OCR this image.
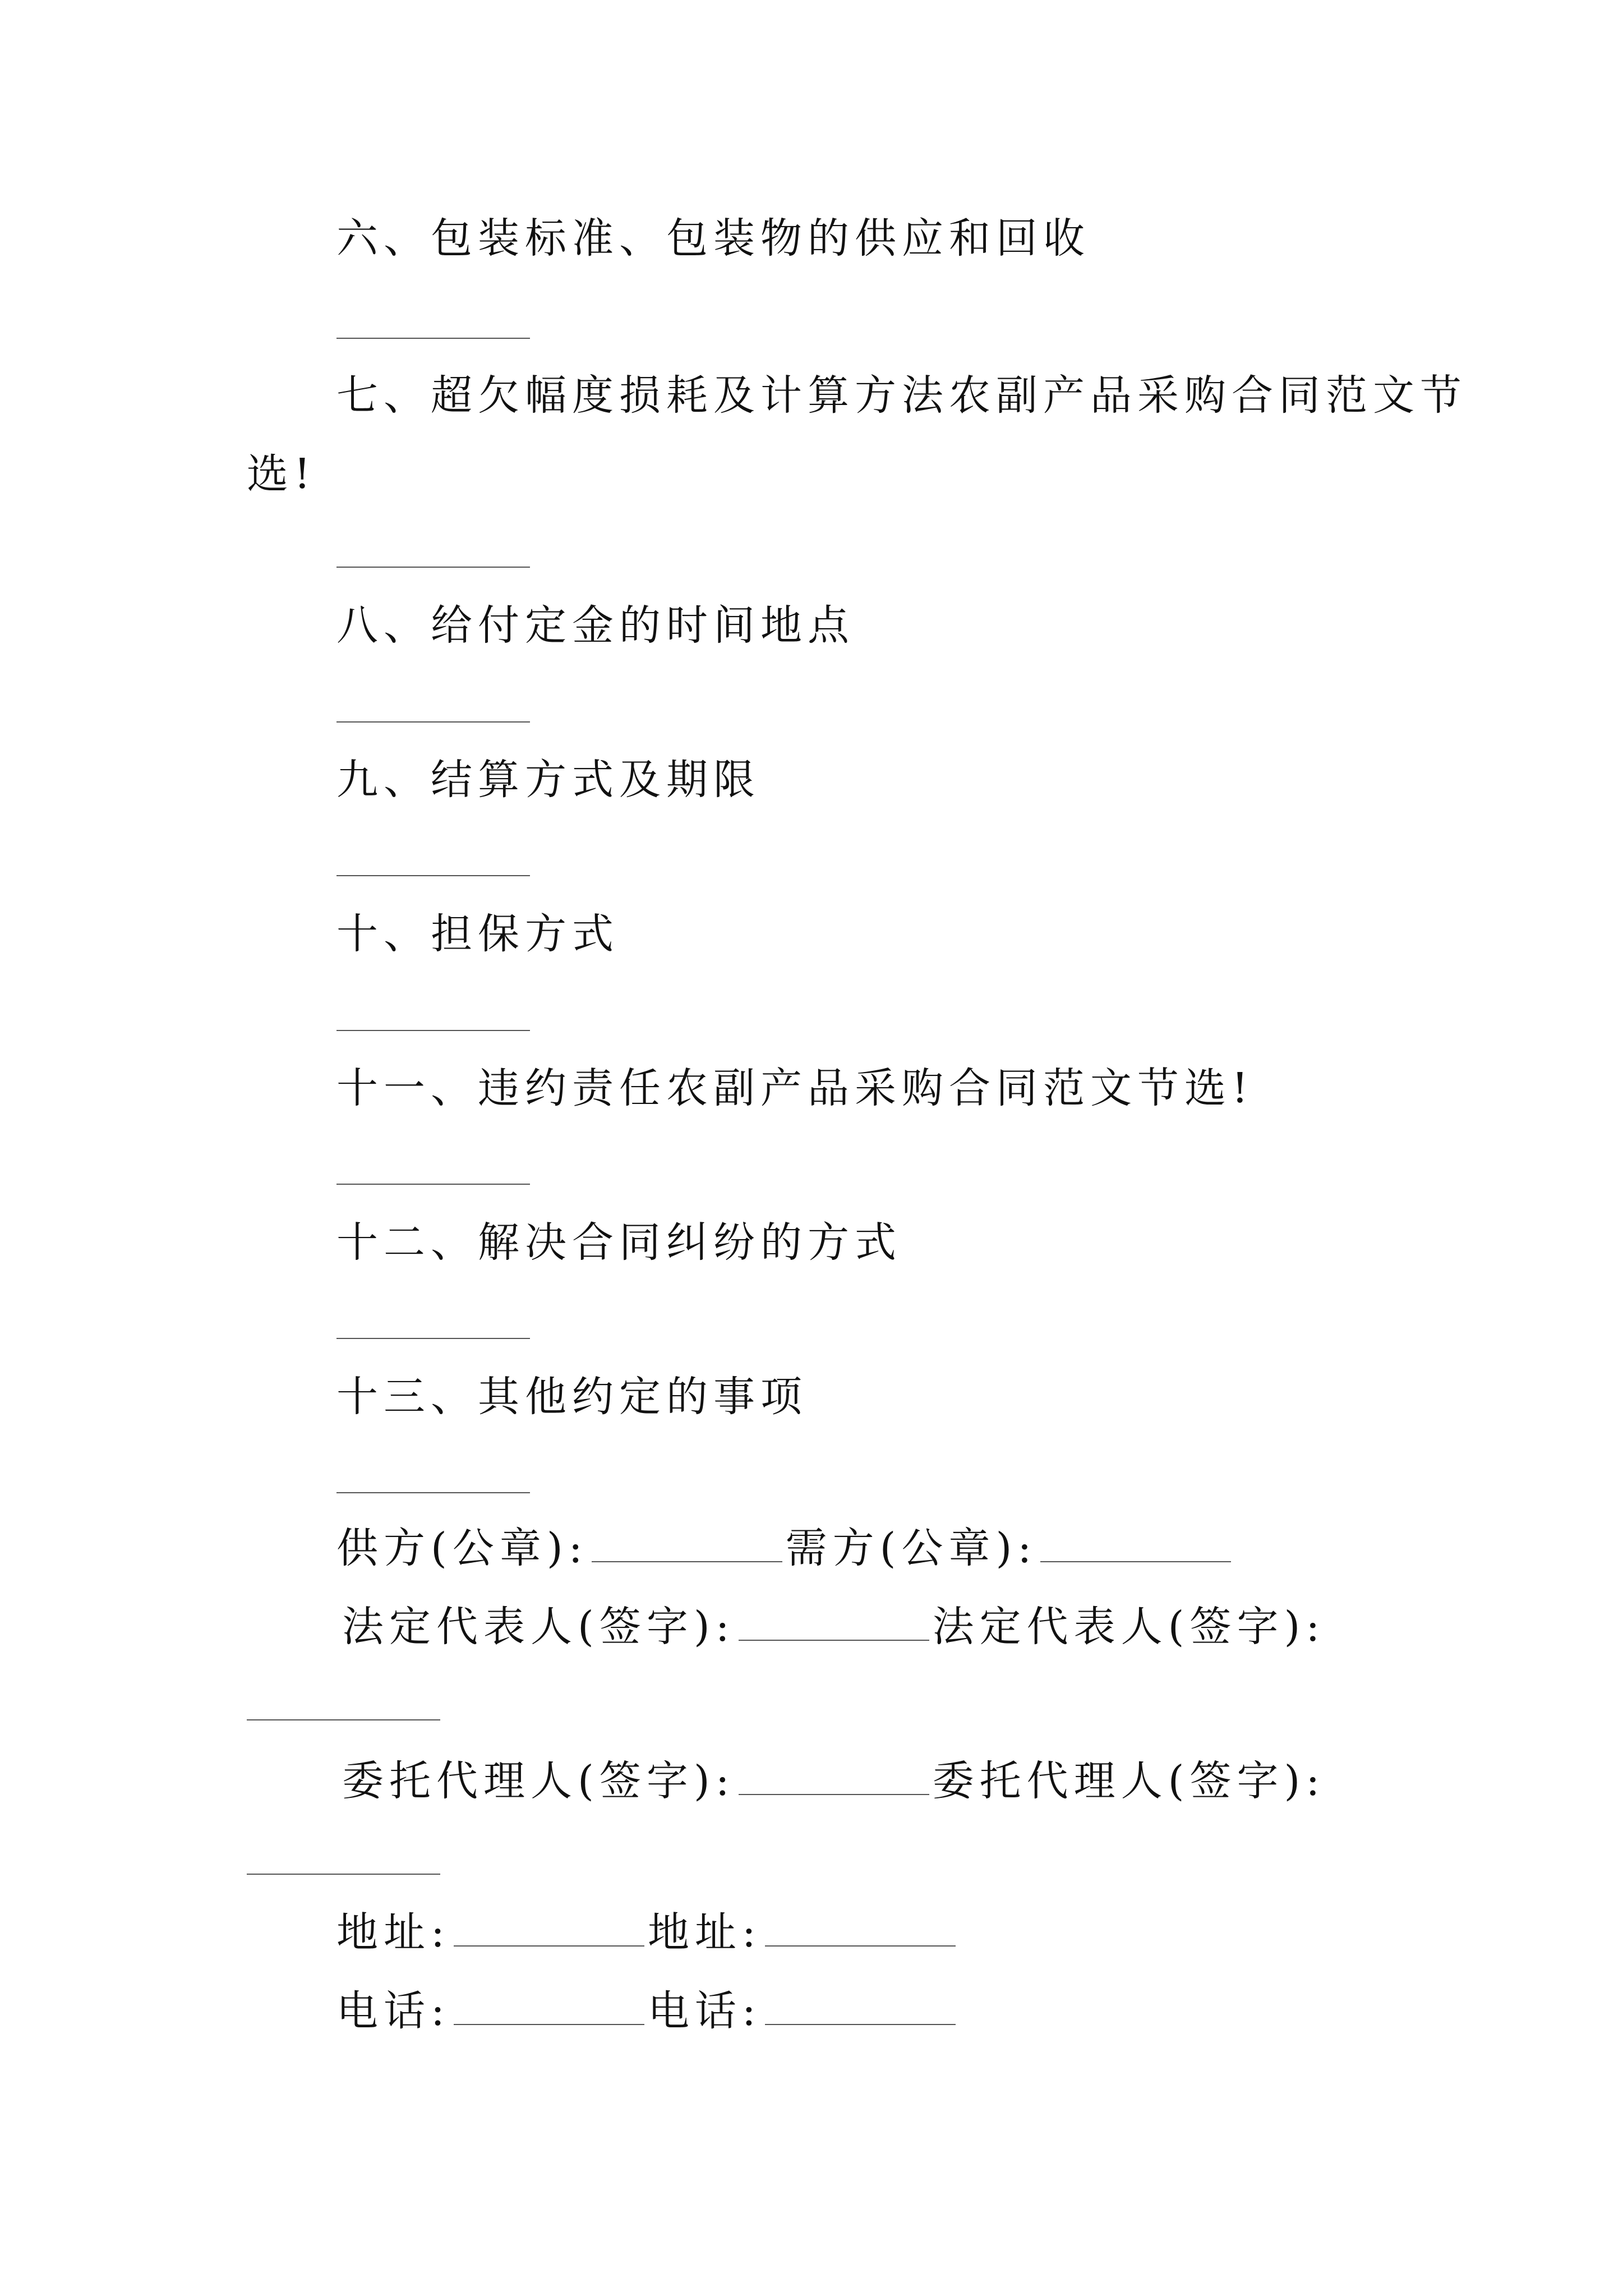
六、包装标准、包装物的供应和回收
七、超欠幅度损耗及计算方法农副产品采购合同范文节
选!
八、给付定金的时间地点
九、结算方式及期限
十、担保方式
十一、违约责任农副产品采购合同范文节选!
十二、解决合同纠纷的方式
十三、其他约定的事项
供方(公章):	需方(公章):
法定代表人(签字):	法定代表人(签字):
委托代理人(签字):	委托代理人(签字):
地址:	地址:
电话:	电话:
